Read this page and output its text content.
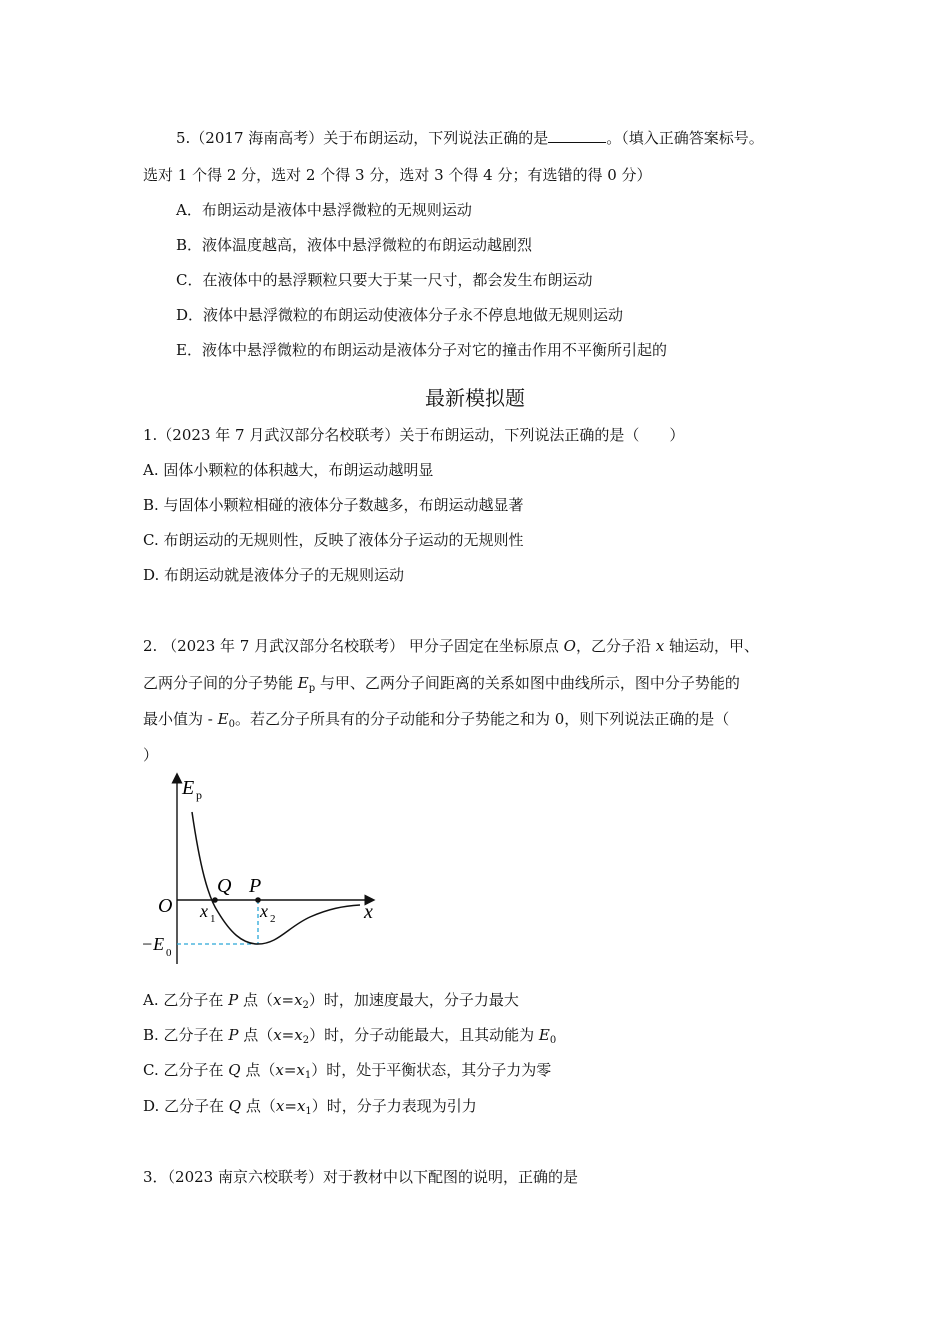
5.（2017 海南高考）关于布朗运动，下列说法正确的是	。（填入正确答案标号。
选对 1 个得 2 分，选对 2 个得 3 分，选对 3 个得 4 分；有选错的得 0 分）
A．布朗运动是液体中悬浮微粒的无规则运动
B．液体温度越高，液体中悬浮微粒的布朗运动越剧烈
C．在液体中的悬浮颗粒只要大于某一尺寸，都会发生布朗运动
D．液体中悬浮微粒的布朗运动使液体分子永不停息地做无规则运动
E．液体中悬浮微粒的布朗运动是液体分子对它的撞击作用不平衡所引起的
最新模拟题
1.（2023 年 7 月武汉部分名校联考）关于布朗运动，下列说法正确的是（　　）
A. 固体小颗粒的体积越大，布朗运动越明显
B. 与固体小颗粒相碰的液体分子数越多，布朗运动越显著
C. 布朗运动的无规则性，反映了液体分子运动的无规则性
D. 布朗运动就是液体分子的无规则运动
2. （2023 年 7 月武汉部分名校联考） 甲分子固定在坐标原点 O，乙分子沿 x 轴运动，甲、
乙两分子间的分子势能 $E_p$ 与甲、乙两分子间距离的关系如图中曲线所示，图中分子势能的
最小值为 - $E_0$。若乙分子所具有的分子动能和分子势能之和为 0，则下列说法正确的是（
）
E p
x
O
Q P
x 1 x 2
−E 0
A. 乙分子在 P 点$(x=x_2)$时，加速度最大，分子力最大
B. 乙分子在 P 点$(x=x_2)$时，分子动能最大，且其动能为 $E_0$
C. 乙分子在 Q 点$(x=x_1)$时，处于平衡状态，其分子力为零
D. 乙分子在 Q 点$(x=x_1)$时，分子力表现为引力
3．（2023 南京六校联考）对于教材中以下配图的说明，正确的是
